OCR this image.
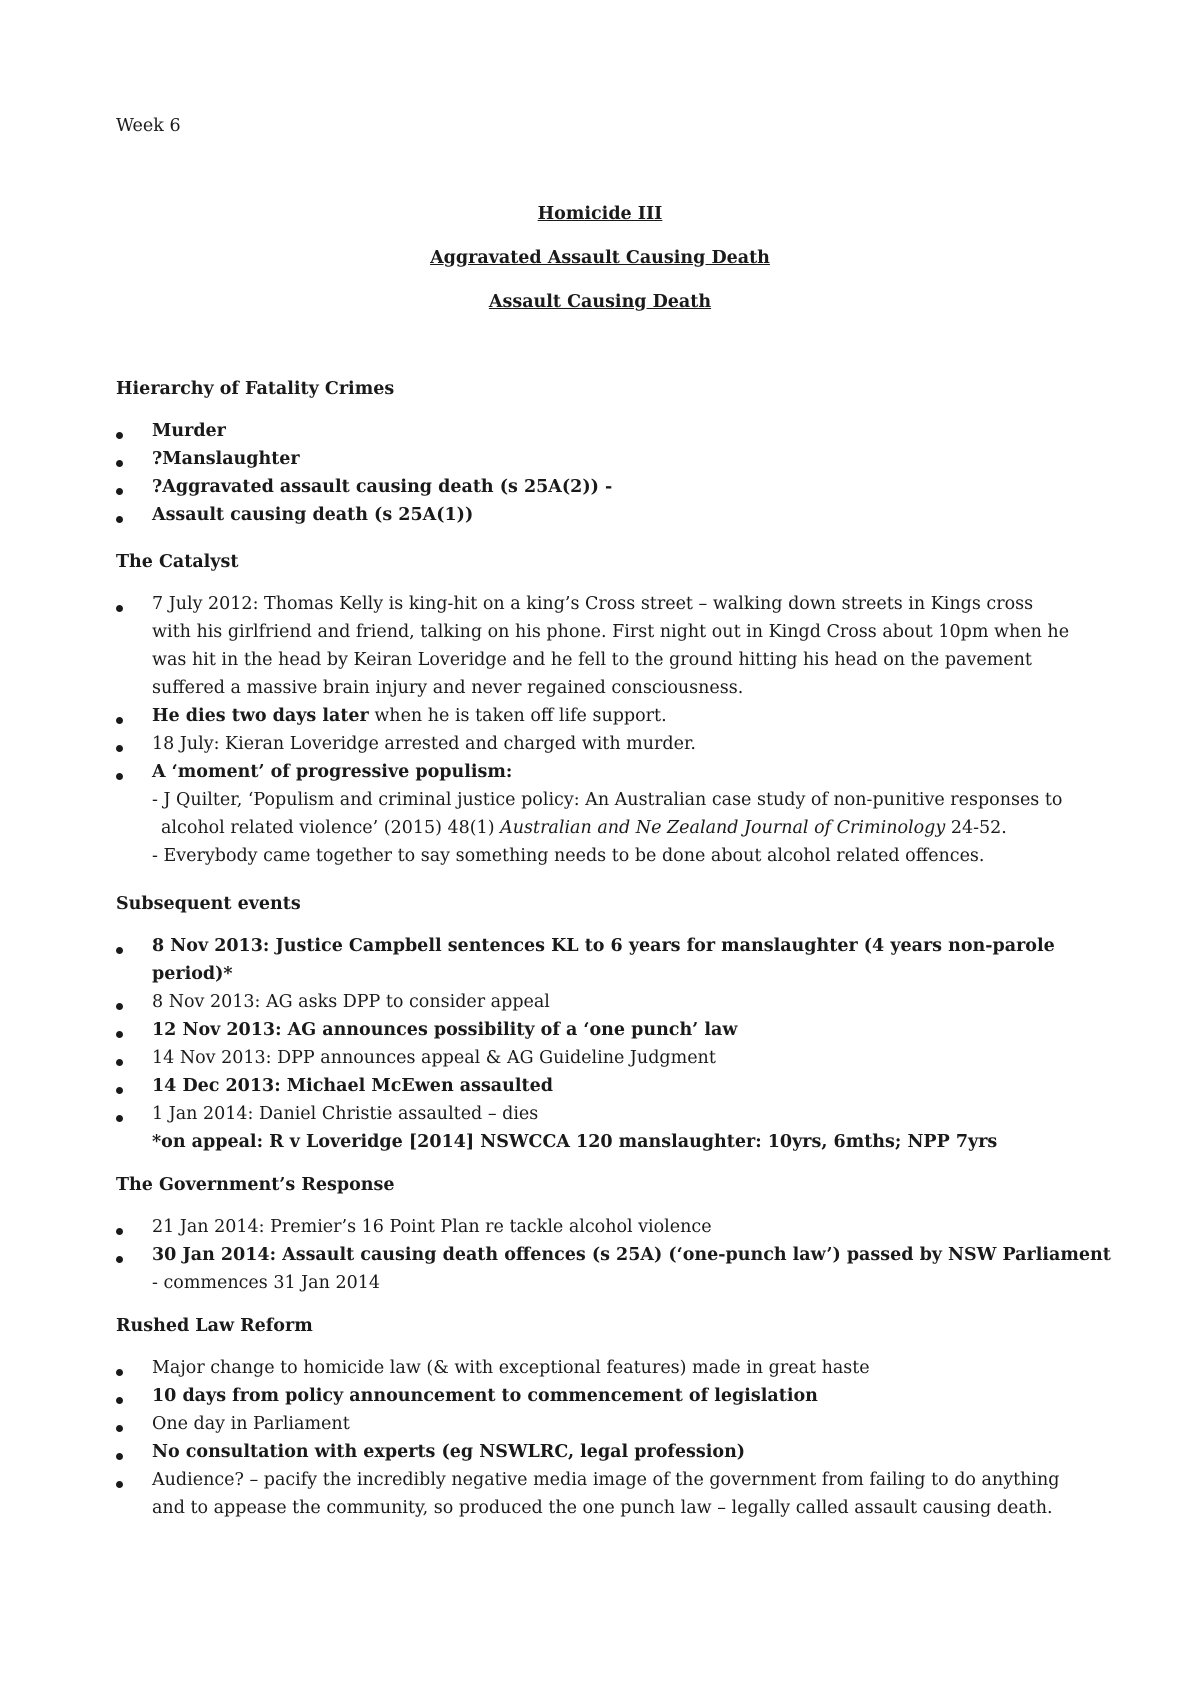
Week 6

Homicide III

Aggravated Assault Causing Death

Assault Causing Death

Hierarchy of Fatality Crimes

Murder
?Manslaughter
?Aggravated assault causing death (s 25A(2)) -
Assault causing death (s 25A(1))

The Catalyst

7 July 2012: Thomas Kelly is king-hit on a king’s Cross street – walking down streets in Kings cross
with his girlfriend and friend, talking on his phone. First night out in Kingd Cross about 10pm when he
was hit in the head by Keiran Loveridge and he fell to the ground hitting his head on the pavement
suffered a massive brain injury and never regained consciousness.
He dies two days later when he is taken off life support.
18 July: Kieran Loveridge arrested and charged with murder.
A ‘moment’ of progressive populism:
- J Quilter, ‘Populism and criminal justice policy: An Australian case study of non-punitive responses to
alcohol related violence’ (2015) 48(1) Australian and Ne Zealand Journal of Criminology 24-52.
- Everybody came together to say something needs to be done about alcohol related offences.

Subsequent events

8 Nov 2013: Justice Campbell sentences KL to 6 years for manslaughter (4 years non-parole
period)*
8 Nov 2013: AG asks DPP to consider appeal
12 Nov 2013: AG announces possibility of a ‘one punch’ law
14 Nov 2013: DPP announces appeal & AG Guideline Judgment
14 Dec 2013: Michael McEwen assaulted
1 Jan 2014: Daniel Christie assaulted – dies
*on appeal: R v Loveridge [2014] NSWCCA 120 manslaughter: 10yrs, 6mths; NPP 7yrs

The Government’s Response

21 Jan 2014: Premier’s 16 Point Plan re tackle alcohol violence
30 Jan 2014: Assault causing death offences (s 25A) (‘one-punch law’) passed by NSW Parliament
- commences 31 Jan 2014

Rushed Law Reform

Major change to homicide law (& with exceptional features) made in great haste
10 days from policy announcement to commencement of legislation
One day in Parliament
No consultation with experts (eg NSWLRC, legal profession)
Audience? – pacify the incredibly negative media image of the government from failing to do anything
and to appease the community, so produced the one punch law – legally called assault causing death.
